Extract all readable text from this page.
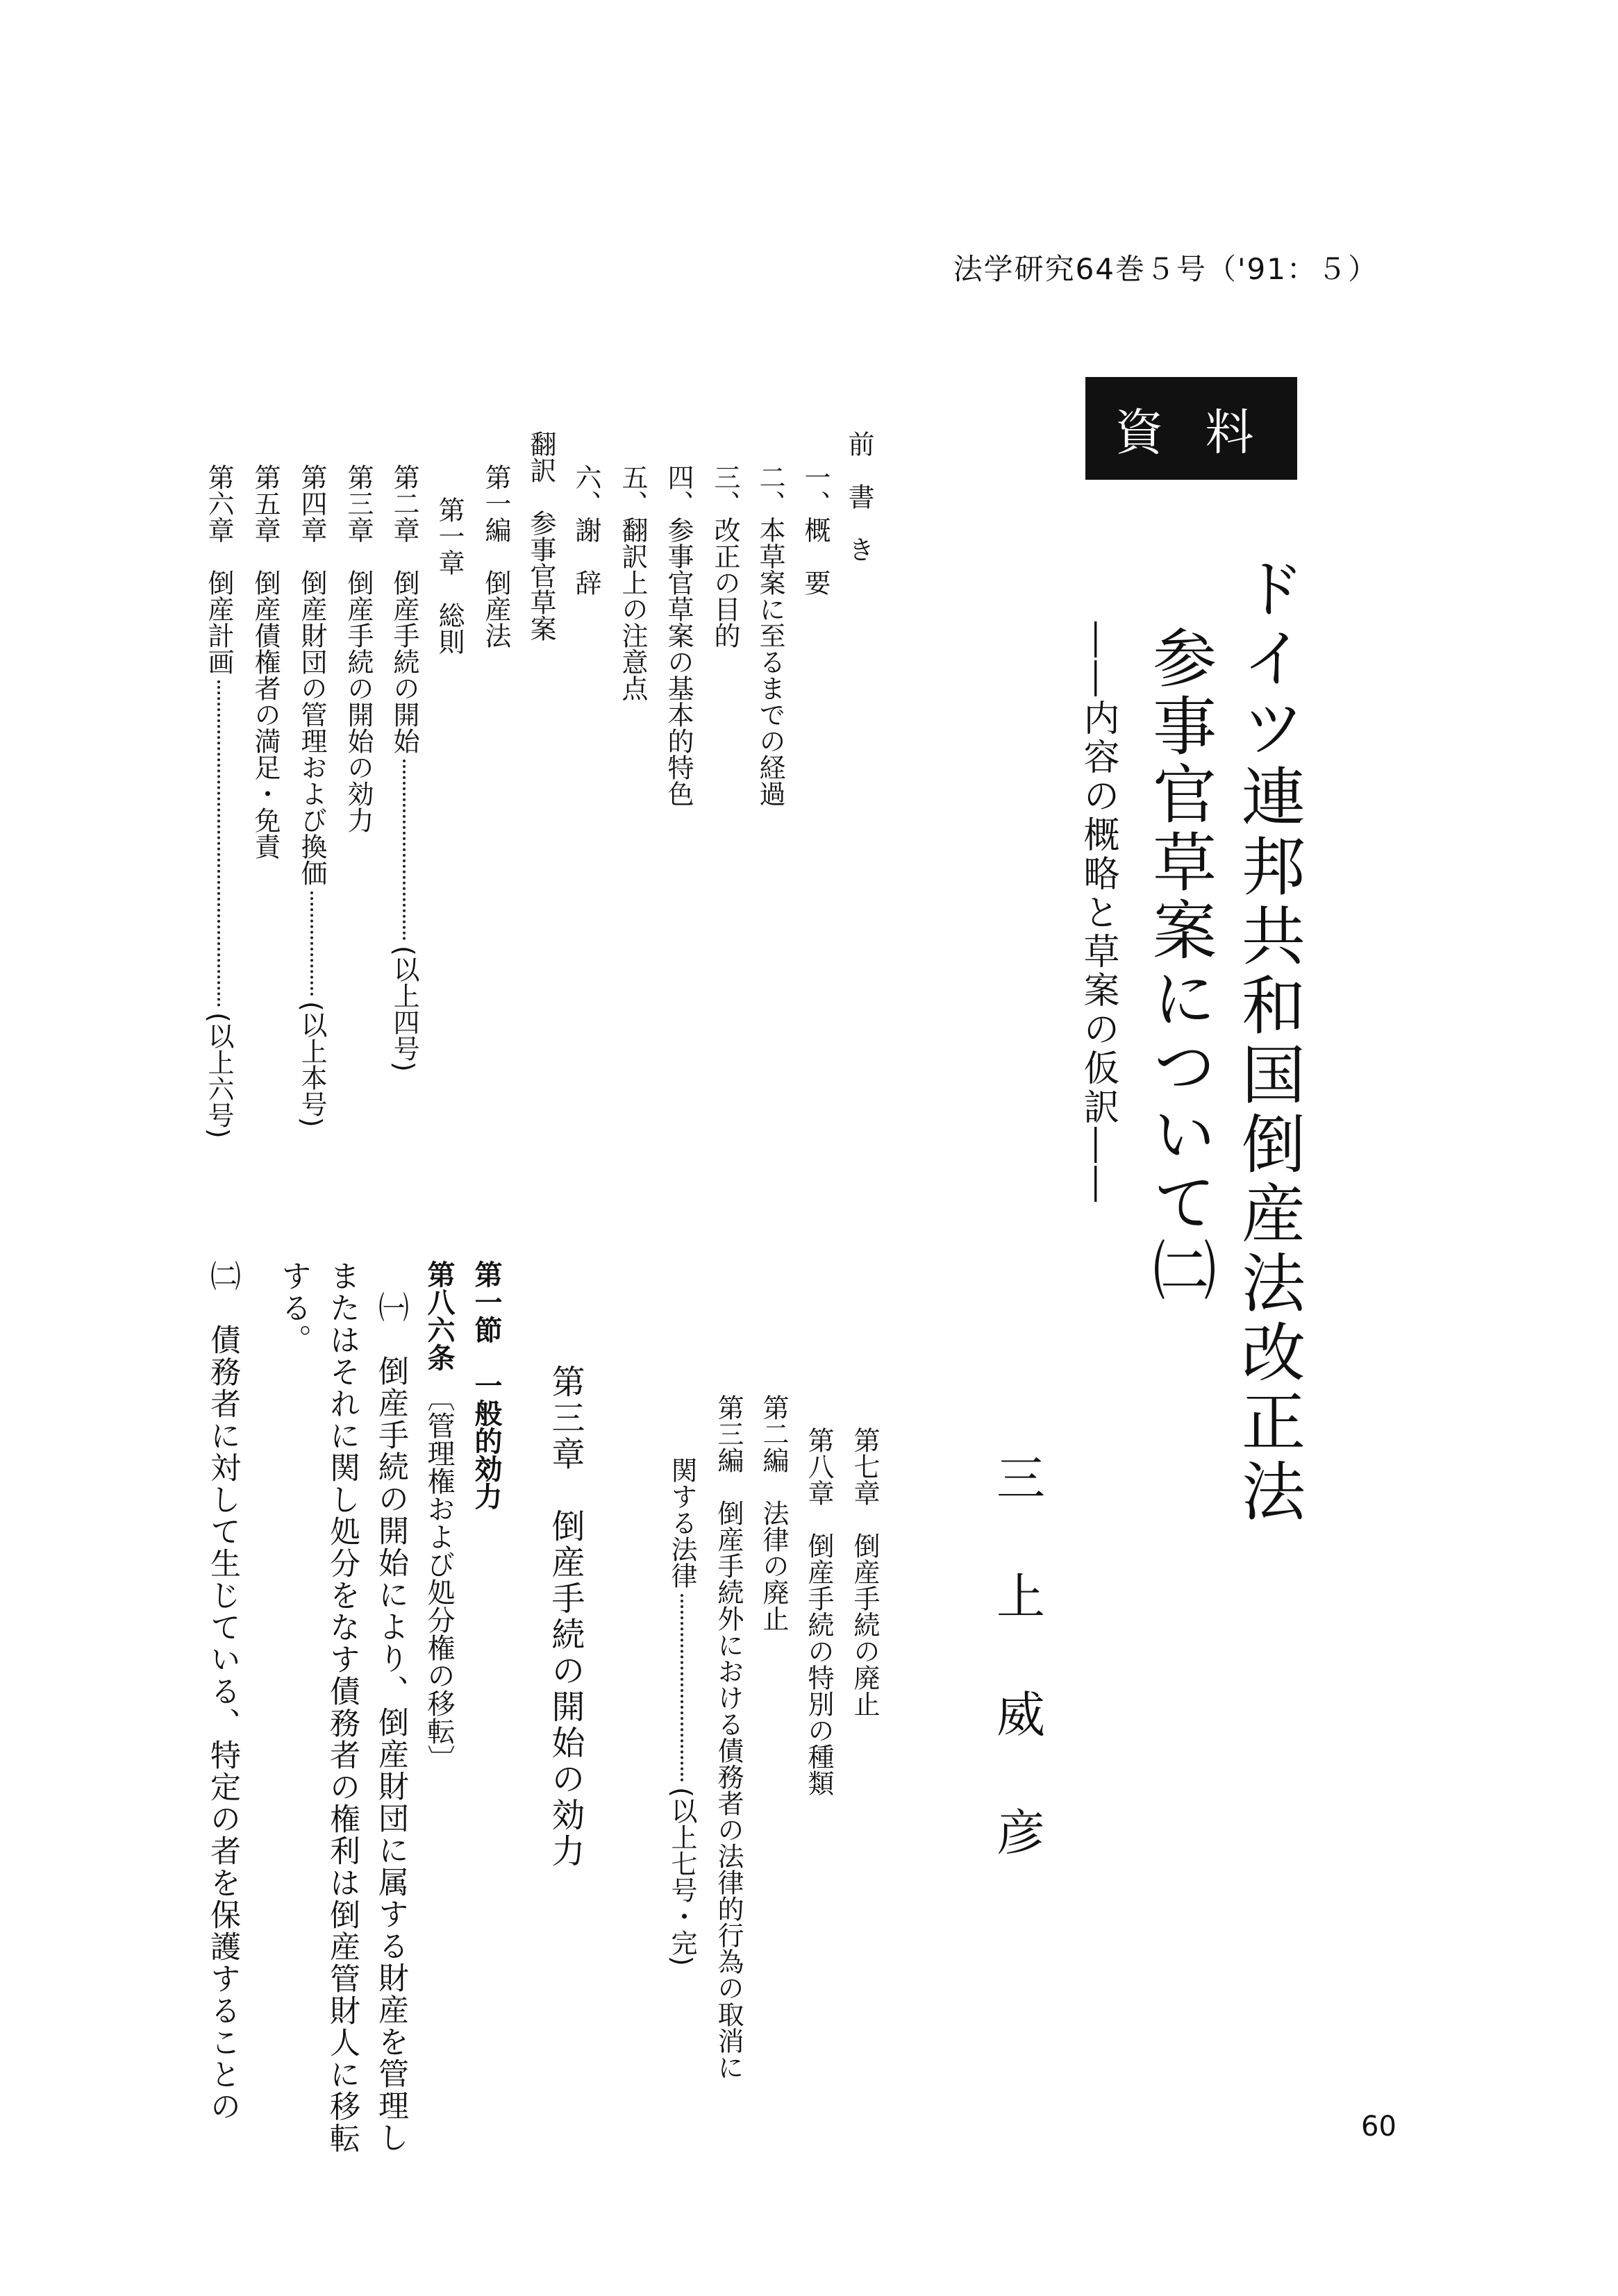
法学研究64巻５号（'91：５）
資料
ドイツ連邦共和国倒産法改正法
参事官草案について㈡
――内容の概略と草案の仮訳――
三
上
威
彦
前　書　き
一、概　要
二、本草案に至るまでの経過
三、改正の目的
四、参事官草案の基本的特色
五、翻訳上の注意点
六、謝　辞
翻訳　参事官草案
第一編　倒産法
第一章　総則
第二章　倒産手続の開始(以上四号)
第三章　倒産手続の開始の効力
第四章　倒産財団の管理および換価(以上本号)
第五章　倒産債権者の満足・免責
第六章　倒産計画(以上六号)
第七章　倒産手続の廃止
第八章　倒産手続の特別の種類
第二編　法律の廃止
第三編　倒産手続外における債務者の法律的行為の取消に
関する法律(以上七号・完)
第三章　倒産手続の開始の効力
第一節　一般的効力
第八六条〔管理権および処分権の移転〕
㈠　倒産手続の開始により、倒産財団に属する財産を管理し
またはそれに関し処分をなす債務者の権利は倒産管財人に移転
する。
㈡　債務者に対して生じている、特定の者を保護することの
60
